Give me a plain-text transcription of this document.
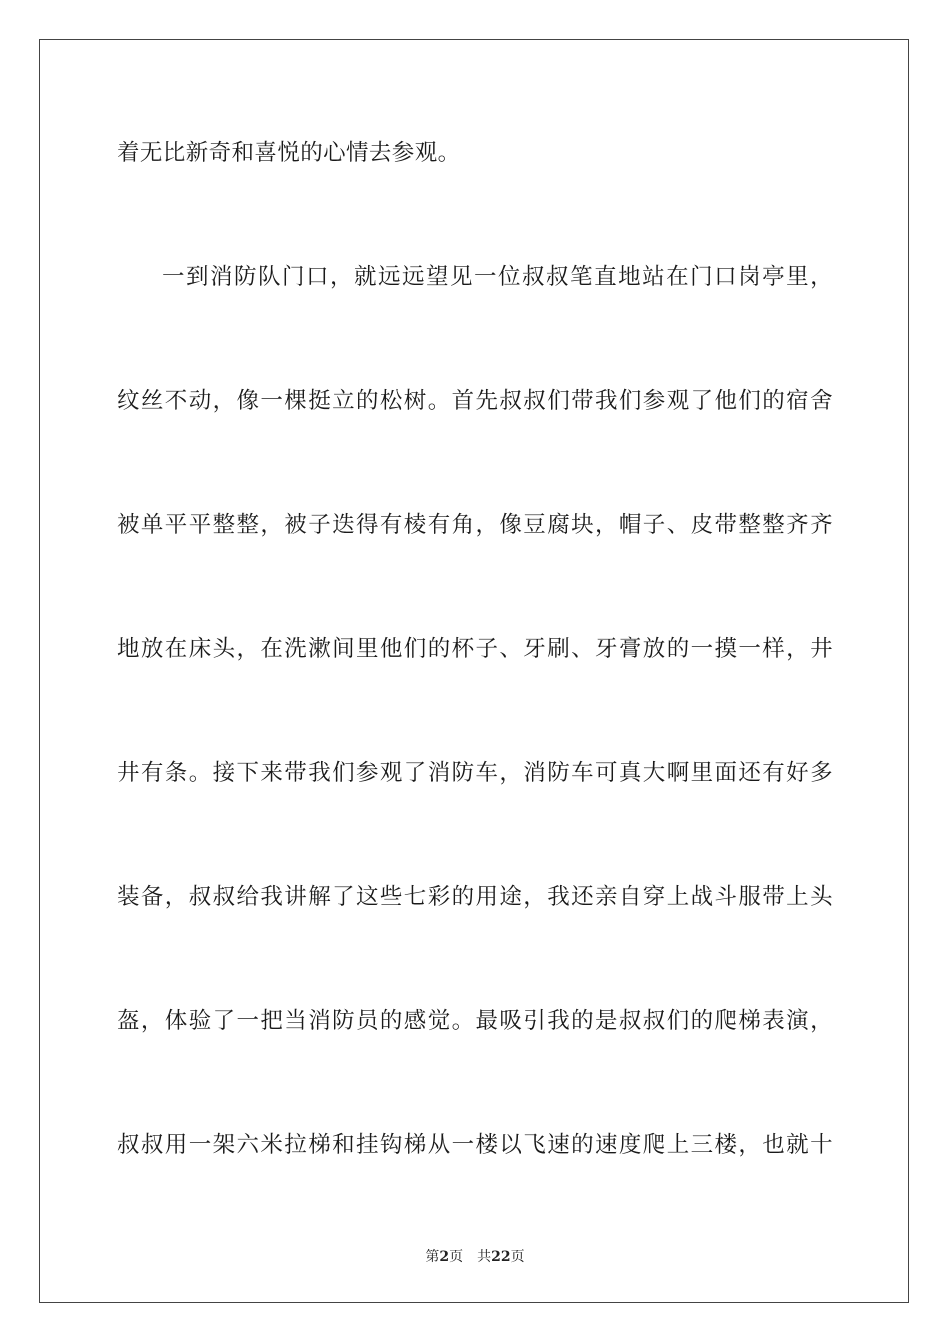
着无比新奇和喜悦的心情去参观。
一到消防队门口，就远远望见一位叔叔笔直地站在门口岗亭里，
纹丝不动，像一棵挺立的松树。首先叔叔们带我们参观了他们的宿舍
被单平平整整，被子迭得有棱有角，像豆腐块，帽子、皮带整整齐齐
地放在床头，在洗漱间里他们的杯子、牙刷、牙膏放的一摸一样，井
井有条。接下来带我们参观了消防车，消防车可真大啊里面还有好多
装备，叔叔给我讲解了这些七彩的用途，我还亲自穿上战斗服带上头
盔，体验了一把当消防员的感觉。最吸引我的是叔叔们的爬梯表演，
叔叔用一架六米拉梯和挂钩梯从一楼以飞速的速度爬上三楼，也就十
第2页 共22页
